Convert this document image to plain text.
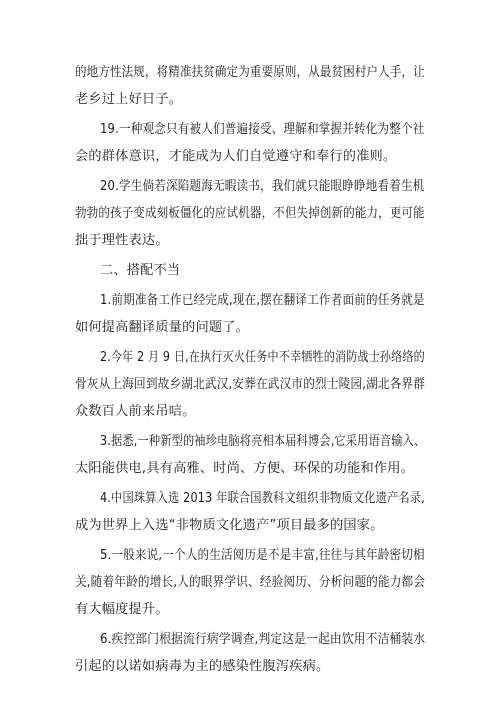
的地方性法规，将精准扶贫确定为重要原则，从最贫困村户人手，让
老乡过上好日子。
19.一种观念只有被人们普遍接受、理解和掌握并转化为整个社
会的群体意识，才能成为人们自觉遵守和奉行的准则。
20.学生倘若深陷题海无暇读书，我们就只能眼睁睁地看着生机
勃勃的孩子变成刻板僵化的应试机器，不但失掉创新的能力，更可能
拙于理性表达。
二、搭配不当
1.前期准备工作已经完成,现在,摆在翻译工作者面前的任务就是
如何提高翻译质量的问题了。
2.今年 2 月 9 日,在执行灭火任务中不幸牺牲的消防战士孙络络的
骨灰从上海回到故乡湖北武汉,安葬在武汉市的烈士陵园,湖北各界群
众数百人前来吊唁。
3.据悉,一种新型的袖珍电脑将亮相本届科博会,它采用语音输入、
太阳能供电,具有高雅、时尚、方便、环保的功能和作用。
4.中国珠算入选 2013 年联合国教科文组织非物质文化遗产名录,
成为世界上入选“非物质文化遗产”项目最多的国家。
5.一般来说,一个人的生活阅历是不是丰富,往往与其年龄密切相
关,随着年龄的增长,人的眼界学识、经验阅历、分析问题的能力都会
有大幅度提升。
6.疾控部门根据流行病学调查,判定这是一起由饮用不洁桶装水
引起的以诺如病毒为主的感染性腹泻疾病。
